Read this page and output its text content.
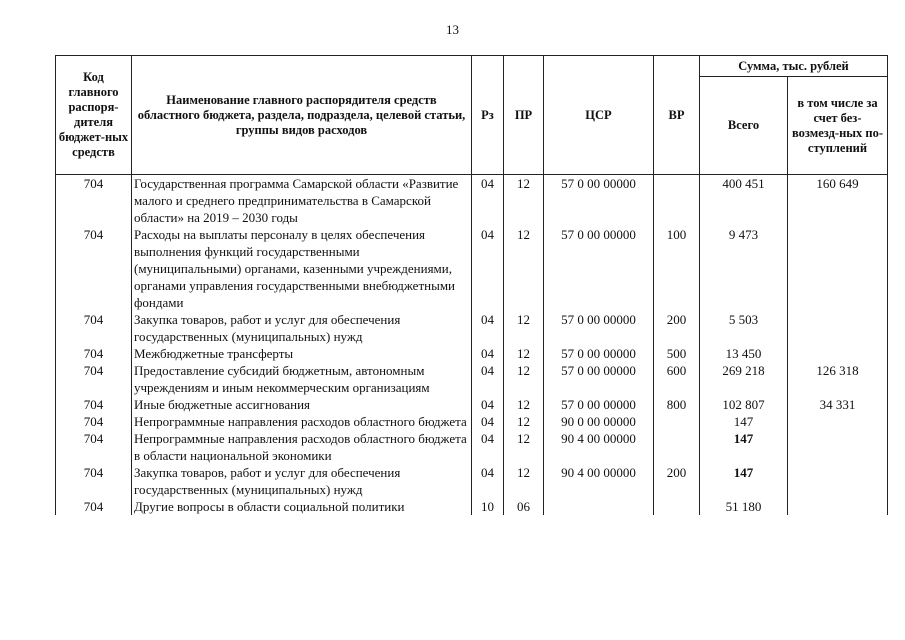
13
Код главного распоря-дителя бюджет-ных средств	Наименование главного распорядителя средств областного бюджета, раздела, подраздела, целевой статьи, группы видов расходов	Рз	ПР	ЦСР	ВР	Сумма, тыс. рублей	
						Всего	в том числе за счет без-возмезд-ных по-ступлений
704	Государственная программа Самарской области «Развитие малого и среднего предпринимательства в Самарской области» на 2019 – 2030 годы	04	12	57 0 00 00000		400 451	160 649
704	Расходы на выплаты персоналу в целях обеспечения выполнения функций государственными (муниципальными) органами, казенными учреждениями, органами управления государственными внебюджетными фондами	04	12	57 0 00 00000	100	9 473	
704	Закупка товаров, работ и услуг для обеспечения государственных (муниципальных) нужд	04	12	57 0 00 00000	200	5 503	
704	Межбюджетные трансферты	04	12	57 0 00 00000	500	13 450	
704	Предоставление субсидий бюджетным, автономным учреждениям и иным некоммерческим организациям	04	12	57 0 00 00000	600	269 218	126 318
704	Иные бюджетные ассигнования	04	12	57 0 00 00000	800	102 807	34 331
704	Непрограммные направления расходов областного бюджета	04	12	90 0 00 00000		147	
704	Непрограммные направления расходов областного бюджета в области национальной экономики	04	12	90 4 00 00000		147	
704	Закупка товаров, работ и услуг для обеспечения государственных (муниципальных) нужд	04	12	90 4 00 00000	200	147	
704	Другие вопросы в области социальной политики	10	06			51 180	
